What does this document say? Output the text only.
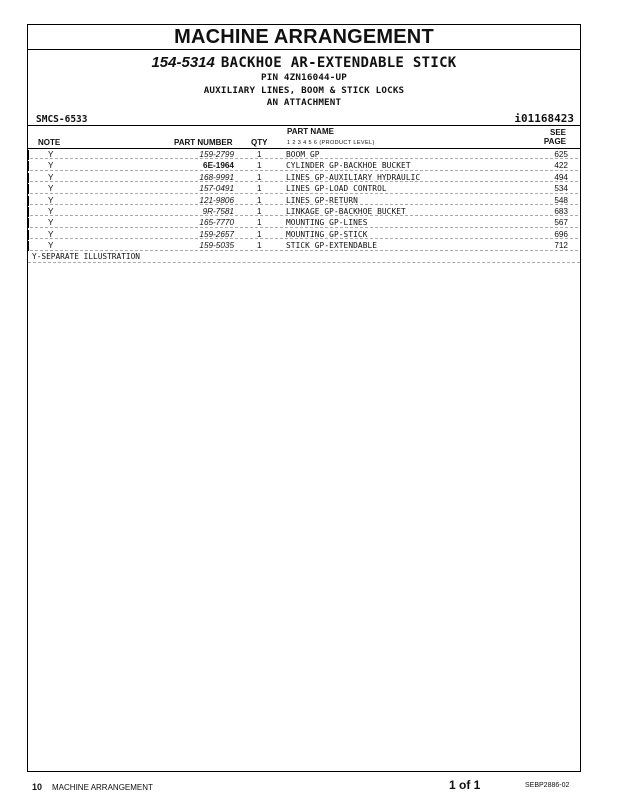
MACHINE ARRANGEMENT
154-5314 BACKHOE AR-EXTENDABLE STICK
PIN 4ZN16044-UP
AUXILIARY LINES, BOOM & STICK LOCKS
AN ATTACHMENT
SMCS-6533	i01168423
NOTE	PART NUMBER QTY
PART NAME
1 2 3 4 5 6 (PRODUCT LEVEL)
SEE
PAGE
Y	159-2799	1	BOOM GP	625
Y	6E-1964	1	CYLINDER GP-BACKHOE BUCKET	422
Y	168-9991	1	LINES GP-AUXILIARY HYDRAULIC	494
Y	157-0491	1	LINES GP-LOAD CONTROL	534
Y	121-9806	1	LINES GP-RETURN	548
Y	9R-7581	1	LINKAGE GP-BACKHOE BUCKET	683
Y	165-7770	1	MOUNTING GP-LINES	567
Y	159-2657	1	MOUNTING GP-STICK	696
Y	159-5035	1	STICK GP-EXTENDABLE	712
Y-SEPARATE ILLUSTRATION
10 MACHINE ARRANGEMENT	1 of 1	SEBP2886-02
